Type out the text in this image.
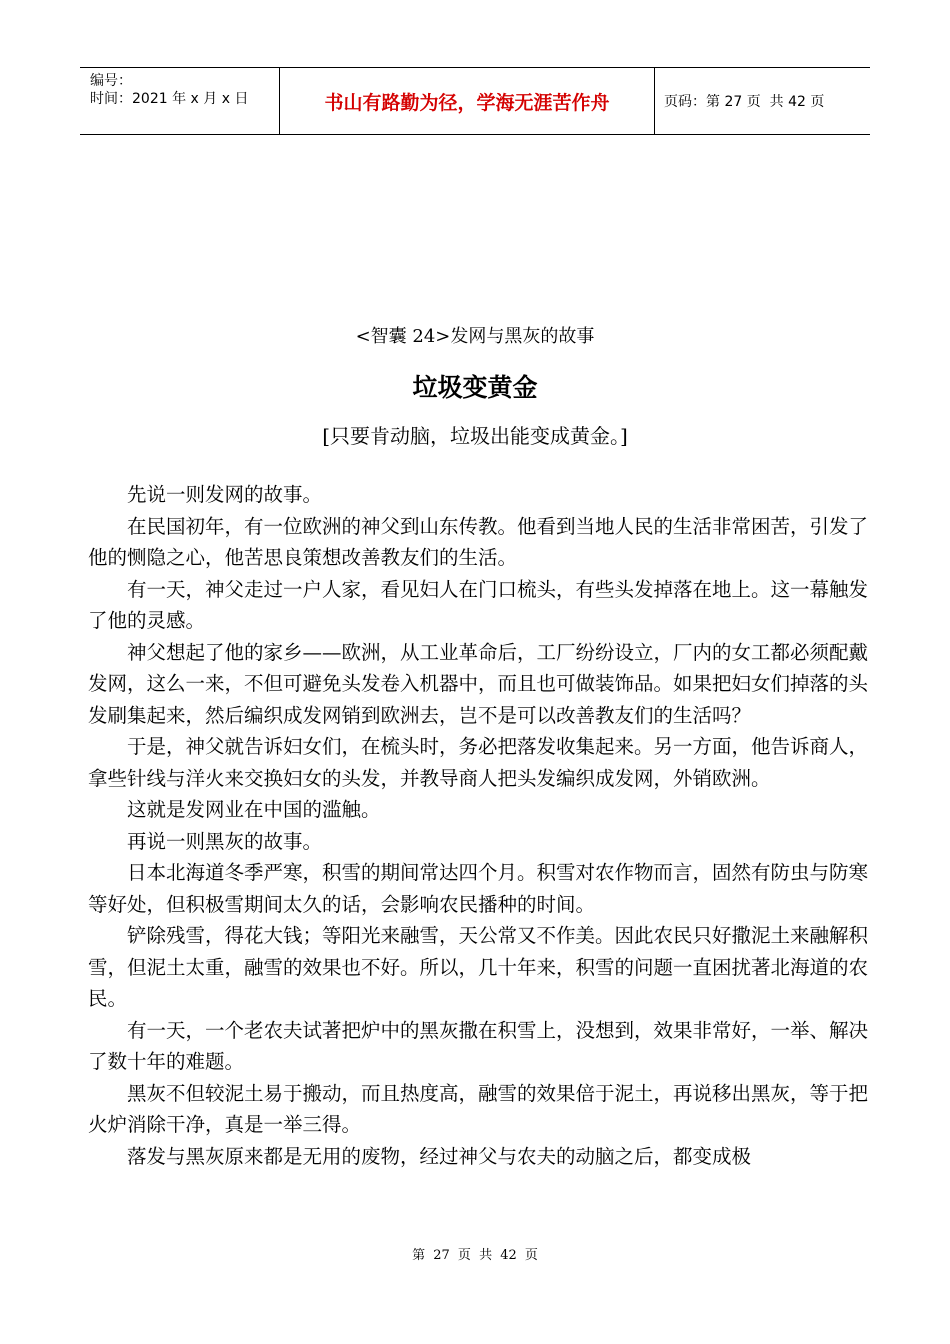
编号：
时间：2021 年 x 月 x 日	书山有路勤为径，学海无涯苦作舟	页码：第 27 页  共 42 页
<智囊 24>发网与黑灰的故事
垃圾变黄金
[只要肯动脑，垃圾出能变成黄金。]

先说一则发网的故事。

在民国初年，有一位欧洲的神父到山东传教。他看到当地人民的生活非常困苦，引发了他的恻隐之心，他苦思良策想改善教友们的生活。

有一天，神父走过一户人家，看见妇人在门口梳头，有些头发掉落在地上。这一幕触发了他的灵感。

神父想起了他的家乡——欧洲，从工业革命后，工厂纷纷设立，厂内的女工都必须配戴发网，这么一来，不但可避免头发卷入机器中，而且也可做装饰品。如果把妇女们掉落的头发刷集起来，然后编织成发网销到欧洲去，岂不是可以改善教友们的生活吗？

于是，神父就告诉妇女们，在梳头时，务必把落发收集起来。另一方面，他告诉商人，拿些针线与洋火来交换妇女的头发，并教导商人把头发编织成发网，外销欧洲。

这就是发网业在中国的滥触。

再说一则黑灰的故事。

日本北海道冬季严寒，积雪的期间常达四个月。积雪对农作物而言，固然有防虫与防寒等好处，但积极雪期间太久的话，会影响农民播种的时间。

铲除残雪，得花大钱；等阳光来融雪，天公常又不作美。因此农民只好撒泥土来融解积雪，但泥土太重，融雪的效果也不好。所以，几十年来，积雪的问题一直困扰著北海道的农民。

有一天，一个老农夫试著把炉中的黑灰撒在积雪上，没想到，效果非常好，一举、解决了数十年的难题。

黑灰不但较泥土易于搬动，而且热度高，融雪的效果倍于泥土，再说移出黑灰，等于把火炉消除干净，真是一举三得。

落发与黑灰原来都是无用的废物，经过神父与农夫的动脑之后，都变成极

第 27 页 共 42 页
